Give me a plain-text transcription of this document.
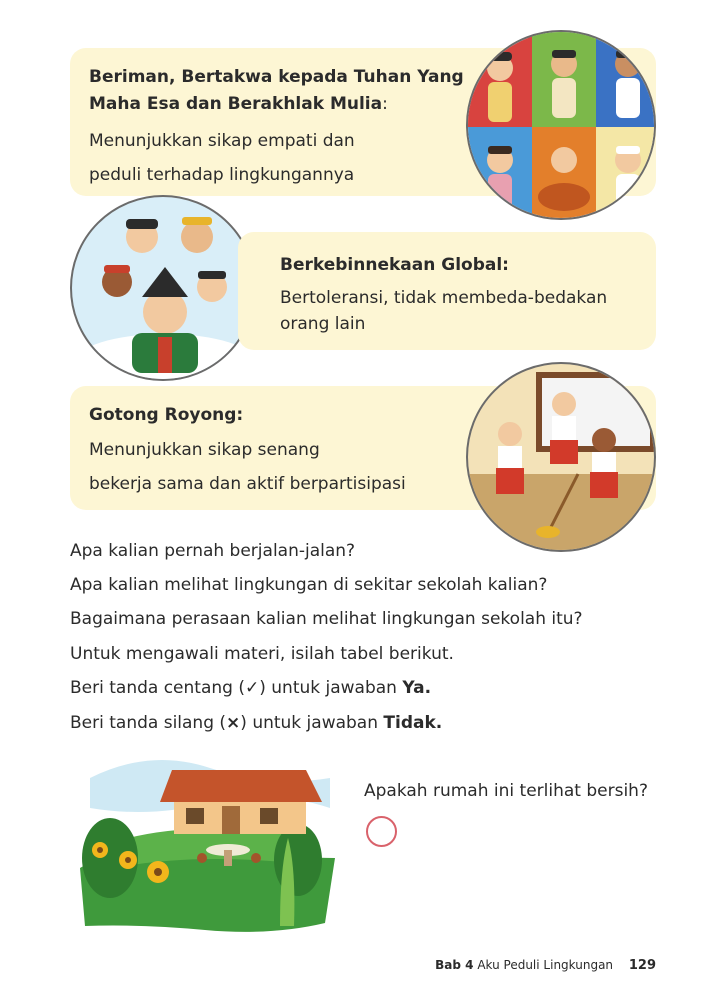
Beriman, Bertakwa kepada Tuhan Yang Maha Esa dan Berakhlak Mulia:

Menunjukkan sikap empati dan

peduli terhadap lingkungannya

Berkebinnekaan Global:

Bertoleransi, tidak membeda-bedakan

orang lain

Gotong Royong:

Menunjukkan sikap senang

bekerja sama dan aktif berpartisipasi

Apa kalian pernah berjalan-jalan?

Apa kalian melihat lingkungan di sekitar sekolah kalian?

Bagaimana perasaan kalian melihat lingkungan sekolah itu?

Untuk mengawali materi, isilah tabel berikut.

Beri tanda centang (✓) untuk jawaban Ya.

Beri tanda silang (×) untuk jawaban Tidak.

Apakah rumah ini terlihat bersih?

Bab 4 Aku Peduli Lingkungan 129
